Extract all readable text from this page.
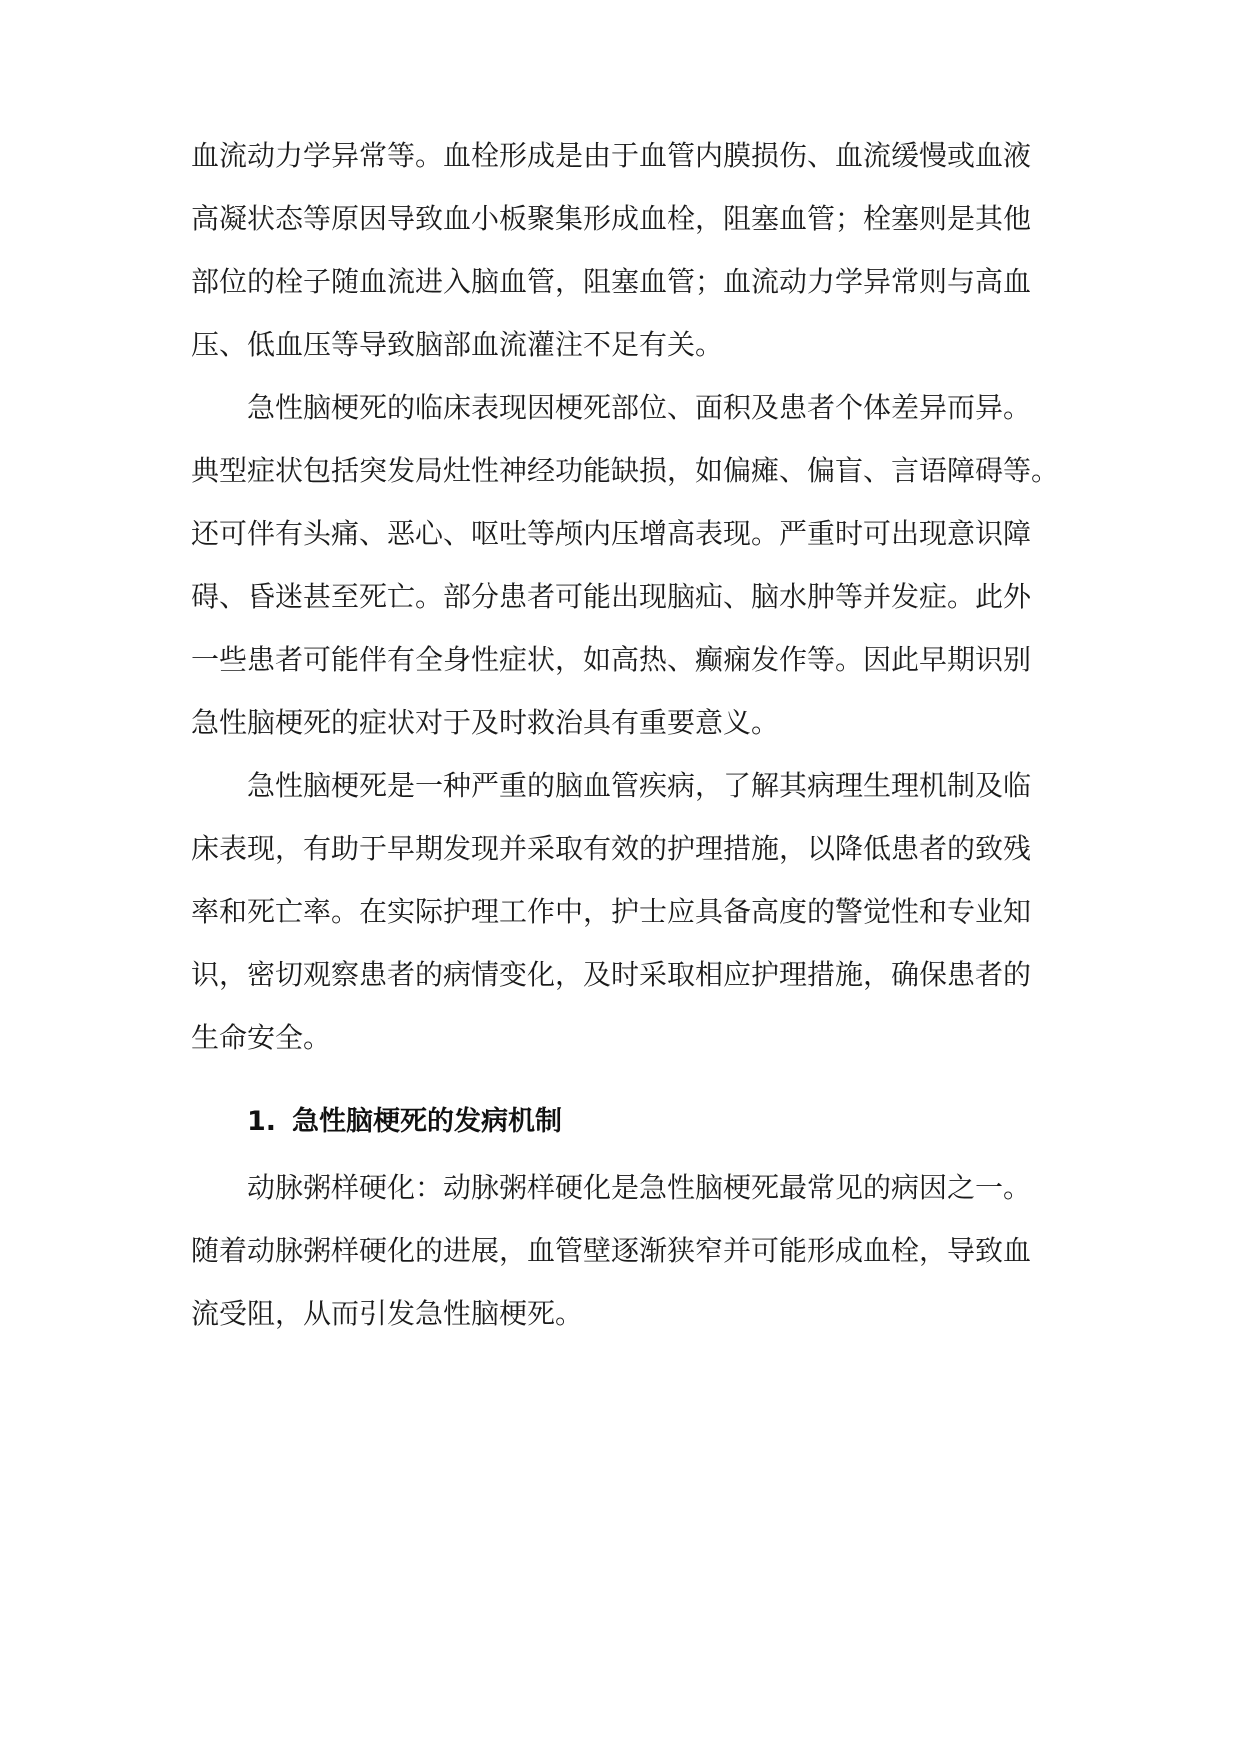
血流动力学异常等。血栓形成是由于血管内膜损伤、血流缓慢或血液
高凝状态等原因导致血小板聚集形成血栓，阻塞血管；栓塞则是其他
部位的栓子随血流进入脑血管，阻塞血管；血流动力学异常则与高血
压、低血压等导致脑部血流灌注不足有关。
急性脑梗死的临床表现因梗死部位、面积及患者个体差异而异。
典型症状包括突发局灶性神经功能缺损，如偏瘫、偏盲、言语障碍等。
还可伴有头痛、恶心、呕吐等颅内压增高表现。严重时可出现意识障
碍、昏迷甚至死亡。部分患者可能出现脑疝、脑水肿等并发症。此外
一些患者可能伴有全身性症状，如高热、癫痫发作等。因此早期识别
急性脑梗死的症状对于及时救治具有重要意义。
急性脑梗死是一种严重的脑血管疾病，了解其病理生理机制及临
床表现，有助于早期发现并采取有效的护理措施，以降低患者的致残
率和死亡率。在实际护理工作中，护士应具备高度的警觉性和专业知
识，密切观察患者的病情变化，及时采取相应护理措施，确保患者的
生命安全。
1. 急性脑梗死的发病机制
动脉粥样硬化：动脉粥样硬化是急性脑梗死最常见的病因之一。
随着动脉粥样硬化的进展，血管壁逐渐狭窄并可能形成血栓，导致血
流受阻，从而引发急性脑梗死。
